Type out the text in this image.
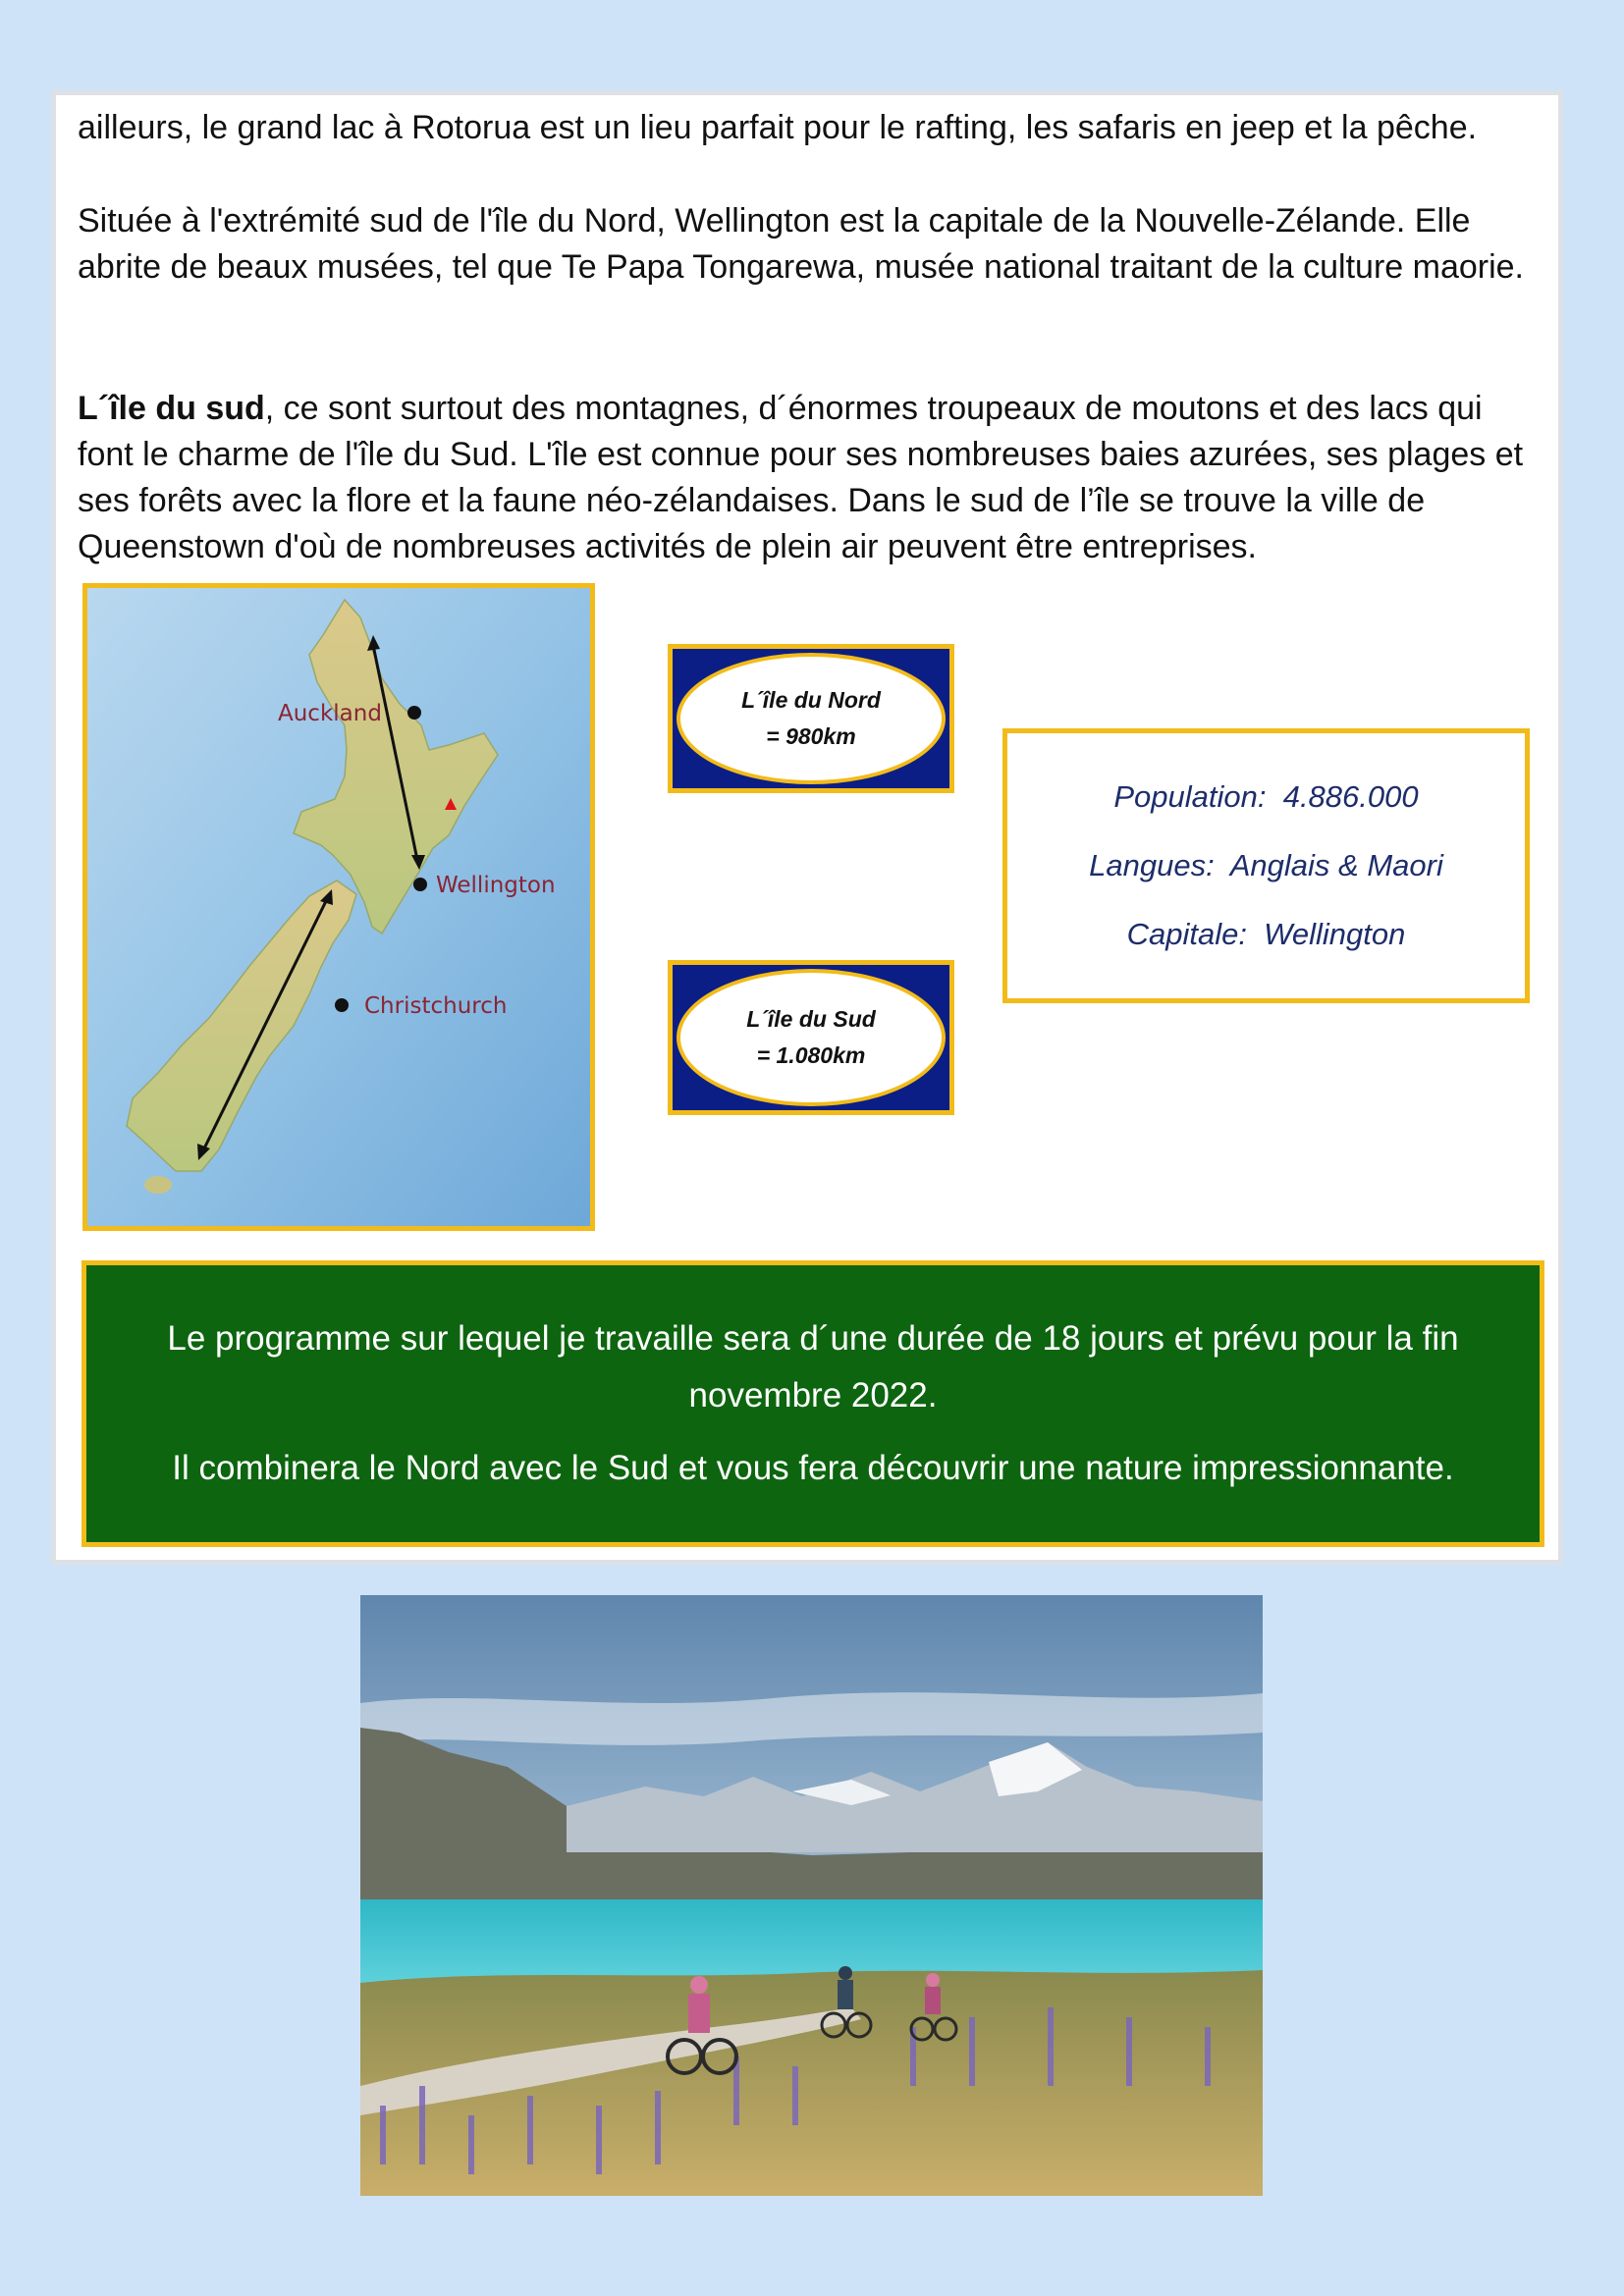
ailleurs, le grand lac à Rotorua est un lieu parfait pour le rafting, les safaris en jeep et la pêche.

Située à l'extrémité sud de l'île du Nord, Wellington est la capitale de la Nouvelle-Zélande. Elle abrite de beaux musées, tel que Te Papa Tongarewa, musée national traitant de la culture maorie.

L´île du sud, ce sont surtout des montagnes, d´énormes troupeaux de moutons et des lacs qui font le charme de l'île du Sud. L'île est connue pour ses nombreuses baies azurées, ses plages et ses forêts avec la flore et la faune néo-zélandaises. Dans le sud de l’île se trouve la ville de Queenstown d'où de nombreuses activités de plein air peuvent être entreprises.

Auckland
Wellington
Christchurch
L´île du Nord
= 980km
L´île du Sud
= 1.080km
Population:  4.886.000
Langues:  Anglais & Maori
Capitale:  Wellington

Le programme sur lequel je travaille sera d´une durée de 18 jours et prévu pour la fin novembre 2022.

Il combinera le Nord avec le Sud et vous fera découvrir une nature impressionnante.
